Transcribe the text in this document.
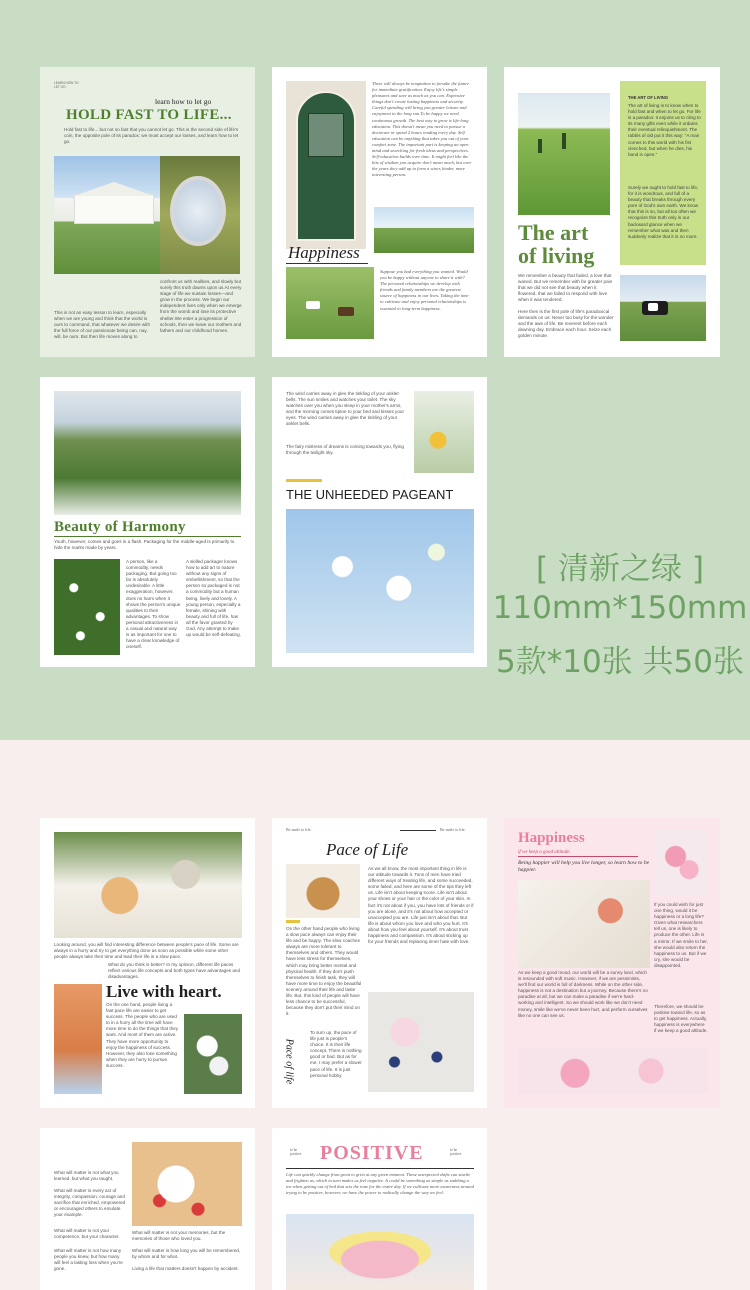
LEARN HOW TO LET GO
learn how to let go
HOLD FAST TO LIFE...
Hold fast to life... but not so fast that you cannot let go. This is the second side of life's coin, the opposite pole of its paradox: we must accept our losses, and learn how to let go.
confront us with realities, and slowly but surely this truth dawns upon us.At every stage of life we sustain losses—and grow in the process. We begin our independent lives only when we emerge from the womb and lose its protective shelter.We enter a progression of schools, then we leave our mothers and fathers and our childhood homes.
This is not an easy lesson to learn, especially when we are young and think that the world is ours to command, that whatever we desire with the full force of our passionate being can, nay, will, be ours. But then life moves along to
There will always be temptation to forsake the future for immediate gratification. Enjoy life's simple pleasures and save as much as you can. Expensive things don't create lasting happiness and security. Careful spending will bring you greater leisure and enjoyment in the long run.To be happy we need continuous growth. The best way to grow is life-long education. This doesn't mean you need to pursue a doctorate or spend 2 hours reading every day. Self education can be anything that takes you out of your comfort zone. The important part is keeping an open mind and searching for fresh ideas and perspectives. Self-education builds over time. It might feel like the bits of wisdom you acquire don't mean much, but over the years they add up to form a wiser, kinder, more interesting person.
Happiness
Suppose you had everything you wanted. Would you be happy without anyone to share it with? The personal relationships we develop with friends and family members are the greatest source of happiness in our lives. Taking the time to cultivate and enjoy personal relationships is essential to long-term happiness.
THE ART OF LIVING
The art of living is to know when to hold fast and when to let go. For life is a paradox: it enjoins us to cling to its many gifts even while it ordains their eventual relinquishment. The rabbis of old put it this way: "A man comes to this world with his fist clenched, but when he dies, his hand is open."
Surely we ought to hold fast to life, for it is wondrous, and full of a beauty that breaks through every pore of God's own earth. We know that this is so, but all too often we recognize this truth only in our backward glance when we remember what was and then suddenly realize that it is no more.
The art
of living
We remember a beauty that faded, a love that waned. But we remember with far greater pain that we did not see that beauty when it flowered, that we failed to respond with love when it was tendered.
Here then is the first pole of life's paradoxical demands on us: Never too busy for the wonder and the awe of life. Be reverent before each dawning day. Embrace each hour. Seize each golden minute.
Beauty of Harmony
Youth, however, comes and goes in a flash. Packaging for the middle-aged is primarily to hide the marks made by years.
A person, like a commodity, needs packaging. But going too far is absolutely undesirable. A little exaggeration, however, does no harm when it shows the person's unique qualities to their advantages. To show personal attractiveness in a casual and natural way is as important for one to have a clear knowledge of oneself.
A skilled packager knows how to add art to nature without any signs of embellishment, so that the person so packaged is not a commodity but a human being, lively and lovely. A young person, especially a female, shining with beauty and full of life, has all the favor granted by God. Any attempt to make up would be self-defeating.
The wind carries away in glee the tinkling of your anklet bells. The sun smiles and watches your toilet. The sky watches over you when you sleep in your mother's arms, and the morning comes tiptoe to your bed and kisses your eyes. The wind carries away in glee the tinkling of your anklet bells.
The fairy mistress of dreams is coming towards you, flying through the twilight sky.
THE UNHEEDED PAGEANT
[ 清新之绿 ]
110mm*150mm
5款*10张 共50张
Looking around, you will find interesting difference between people's pace of life. Some are always in a hurry and try to get everything done as soon as possible while some other people always take their time and lead their life in a slow pace.
What do you think is better? In my opinion, different life paces reflect various life concepts and both types have advantages and disadvantages.
Live with heart.
On the one hand, people living a fast pace life are easier to get success. The people who are used to in a hurry all the time will have more time to do the things that they want. And most of them are active. They have more opportunity to enjoy the happiness of success. However, they also lose something when they are hurry to pursue success.
Be smile to life.	Be smile to life.
Pace of Life
As we all know, the most important thing in life is our attitude towards it. Tons of men have tried different ways of treating life, and some succeeded, some failed, and here are some of the tips they left us. Life isn't about keeping score. Life isn't about your shoes or your hair or the color of your skin. In fact it's not about if you, you have lots of friends or if you are alone, and it's not about how accepted or unaccepted you are. Life just isn't about that. But life is about whom you love and who you hurt. It's about how you feel about yourself. It's about trust happiness and compassion. It's about sticking up for your friends and replacing inner hate with love.
On the other hand people who living a slow pace always can enjoy their life and be happy. The slow coaches always are more tolerant to themselves and others. They would have less stress for themselves, which may bring better mental and physical health. If they don't push themselves to finish task, they will have more time to enjoy the beautiful scenery around their life and taste life. But, this kind of people will have less chance to be successful, because they don't put their mind on it.
To sum up, the pace of life just is people's choice. It is their life concept. There is nothing good or bad. But as for me, I may prefer a slower pace of life. It is just personal hobby.
Pace of life
Happiness
if we keep a good attitude.
Being happier will help you live longer, so learn how to be happier.
If you could wish for just one thing, would it be happiness or a long life? Given what researchers tell us, one is likely to produce the other. Life is a mirror. If we smile to her, she would also return the happiness to us. But if we cry, she would be disappointed.
Therefore, we should be positive toward life, so as to get happiness. Actually, happiness is everywhere if we keep a good attitude.
As we keep a good mood, our world will be a sunny land, which is resounded with soft music. However, if we are pessimists, we'll find our world is full of darkness. While on the other side, happiness is not a destination but a journey. Because there's no paradise at all, but we can make a paradise if we're hard-working and intelligent. So we should work like we don't need money, smile like we've never been hurt, and perform ourselves like no one can see us.
What will matter is not what you learned, but what you taught.
What will matter is every act of integrity, compassion, courage and sacrifice that enriched, empowered or encouraged others to emulate your example.
What will matter is not your memories, but the memories of those who loved you.
What will matter is not your competence, but your character.
What will matter is how long you will be remembered, by whom and for what.
What will matter is not how many people you knew, but how many will feel a lasting loss when you're gone.	Living a life that matters doesn't happen by accident.
to be positive POSITIVE	to be positive
Life can quickly change from great to grim at any given moment. These unexpected shifts can startle and frighten us, which in turn makes us feel negative. It could be something as simple as stubbing a toe when getting out of bed that sets the tone for the entire day. If we cultivate more awareness around trying to be positive, however, we have the power to radically change the way we feel.
